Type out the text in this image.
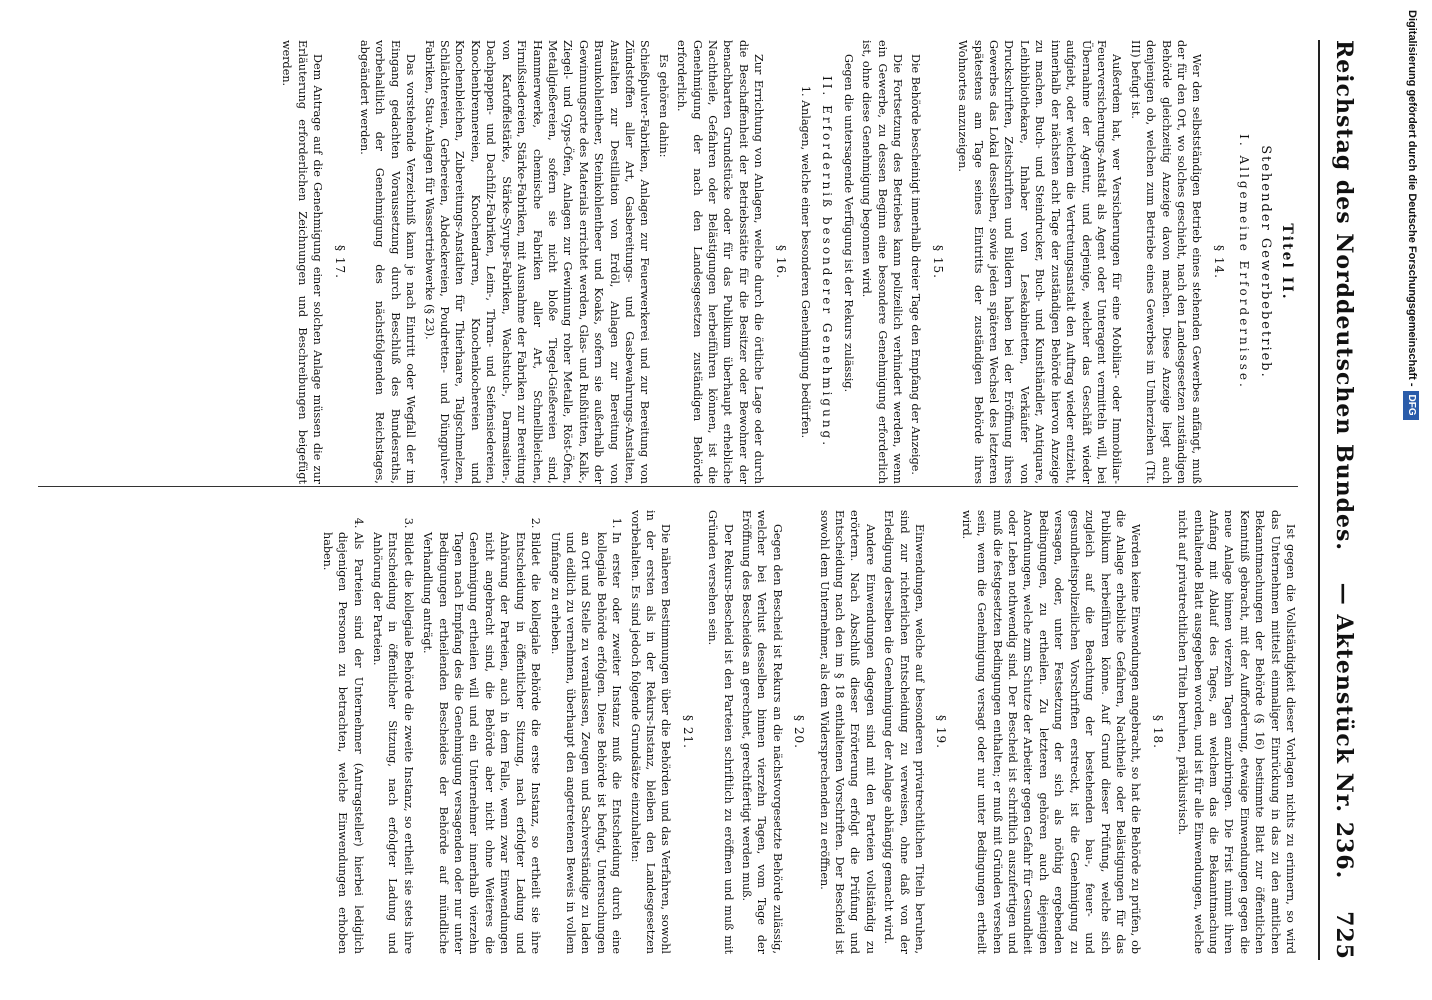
Reichstag des Norddeutschen Bundes.
— Aktenstück Nr. 236.
725
Titel II.
Stehender Gewerbebetrieb.
I. Allgemeine Erfordernisse.
§ 14.

Wer den selbstständigen Betrieb eines stehenden Gewerbes anfängt, muß der für den Ort, wo solches geschieht, nach den Landesgesetzen zuständigen Behörde gleichzeitig Anzeige davon machen. Diese Anzeige liegt auch denjenigen ob, welchen zum Betriebe eines Gewerbes im Umherziehen (Tit. III) befugt ist.

Außerdem hat, wer Versicherungen für eine Mobiliar- oder Immobiliar-Feuerversicherungs-Anstalt als Agent oder Unteragent vermitteln will, bei Übernahme der Agentur, und derjenige, welcher das Geschäft wieder aufgiebt, oder welchem die Vertretungsanstalt den Auftrag wieder entzieht, innerhalb der nächsten acht Tage der zuständigen Behörde hiervon Anzeige zu machen. Buch- und Steindrucker, Buch- und Kunsthändler, Antiquare, Leihbibliothekare, Inhaber von Lesekabinetten, Verkäufer von Druckschriften, Zeitschriften und Bildern haben bei der Eröffnung ihres Gewerbes das Lokal desselben, sowie jeden späteren Wechsel des letzteren spätestens am Tage seines Eintritts der zuständigen Behörde ihres Wohnortes anzuzeigen.

§ 15.

Die Behörde bescheinigt innerhalb dreier Tage den Empfang der Anzeige.

Die Fortsetzung des Betriebes kann polizeilich verhindert werden, wenn ein Gewerbe, zu dessen Beginn eine besondere Genehmigung erforderlich ist, ohne diese Genehmigung begonnen wird.

Gegen die untersagende Verfügung ist der Rekurs zulässig.

II. Erforderniß besonderer Genehmigung.
1. Anlagen, welche einer besonderen Genehmigung bedürfen.
§ 16.

Zur Errichtung von Anlagen, welche durch die örtliche Lage oder durch die Beschaffenheit der Betriebsstätte für die Besitzer oder Bewohner der benachbarten Grundstücke oder für das Publikum überhaupt erhebliche Nachtheile, Gefahren oder Belästigungen herbeiführen können, ist die Genehmigung der nach den Landesgesetzen zuständigen Behörde erforderlich.

Es gehören dahin:

Schießpulver-Fabriken, Anlagen zur Feuerwerkerei und zur Bereitung von Zündstoffen aller Art, Gasbereitungs- und Gasbewahrungs-Anstalten, Anstalten zur Destillation von Erdöl, Anlagen zur Bereitung von Braunkohlentheer, Steinkohlentheer und Koaks, sofern sie außerhalb der Gewinnungsorte des Materials errichtet werden, Glas- und Rußhütten, Kalk-, Ziegel- und Gyps-Öfen, Anlagen zur Gewinnung roher Metalle, Röst-Öfen, Metallgießereien, sofern sie nicht bloße Tiegel-Gießereien sind, Hammerwerke, chemische Fabriken aller Art, Schnellbleichen, Firnißsiedereien, Stärke-Fabriken, mit Ausnahme der Fabriken zur Bereitung von Kartoffelstärke, Stärke-Syrups-Fabriken, Wachstuch-, Darmsaiten-, Dachpappen- und Dachfilz-Fabriken, Leim-, Thran- und Seifensiedereien, Knochenbrennereien, Knochendarren, Knochenkochereien und Knochenbleichen, Zubereitungs-Anstalten für Thierhaare, Talgschmelzen, Schlächtereien, Gerbereien, Abdeckereien, Poudretten- und Düngpulver-Fabriken, Stau-Anlagen für Wassertriebwerke (§ 23).

Das vorstehende Verzeichniß kann je nach Eintritt oder Wegfall der im Eingang gedachten Voraussetzung durch Beschluß des Bundesraths, vorbehaltlich der Genehmigung des nächstfolgenden Reichstages, abgeändert werden.

§ 17.

Dem Antrage auf die Genehmigung einer solchen Anlage müssen die zur Erläuterung erforderlichen Zeichnungen und Beschreibungen beigefügt werden.

Ist gegen die Vollständigkeit dieser Vorlagen nichts zu erinnern, so wird das Unternehmen mittelst einmaliger Einrückung in das zu den amtlichen Bekanntmachungen der Behörde (§ 16) bestimmte Blatt zur öffentlichen Kenntniß gebracht, mit der Aufforderung, etwaige Einwendungen gegen die neue Anlage binnen vierzehn Tagen anzubringen. Die Frist nimmt ihren Anfang mit Ablauf des Tages, an welchem das die Bekanntmachung enthaltende Blatt ausgegeben worden, und ist für alle Einwendungen, welche nicht auf privatrechtlichen Titeln beruhen, präklusivisch.

§ 18.

Werden keine Einwendungen angebracht, so hat die Behörde zu prüfen, ob die Anlage erhebliche Gefahren, Nachtheile oder Belästigungen für das Publikum herbeiführen könne. Auf Grund dieser Prüfung, welche sich zugleich auf die Beachtung der bestehenden bau-, feuer- und gesundheitspolizeilichen Vorschriften erstreckt, ist die Genehmigung zu versagen, oder, unter Festsetzung der sich als nöthig ergebenden Bedingungen, zu ertheilen. Zu letzteren gehören auch diejenigen Anordnungen, welche zum Schutze der Arbeiter gegen Gefahr für Gesundheit oder Leben nothwendig sind. Der Bescheid ist schriftlich auszufertigen und muß die festgesetzten Bedingungen enthalten; er muß mit Gründen versehen sein, wenn die Genehmigung versagt oder nur unter Bedingungen ertheilt wird.

§ 19.

Einwendungen, welche auf besonderen privatrechtlichen Titeln beruhen, sind zur richterlichen Entscheidung zu verweisen, ohne daß von der Erledigung derselben die Genehmigung der Anlage abhängig gemacht wird.

Andere Einwendungen dagegen sind mit den Parteien vollständig zu erörtern. Nach Abschluß dieser Erörterung erfolgt die Prüfung und Entscheidung nach den im § 18 enthaltenen Vorschriften. Der Bescheid ist sowohl dem Unternehmer, als dem Widersprechenden zu eröffnen.

§ 20.

Gegen den Bescheid ist Rekurs an die nächstvorgesetzte Behörde zulässig, welcher bei Verlust desselben binnen vierzehn Tagen, vom Tage der Eröffnung des Bescheides an gerechnet, gerechtfertigt werden muß.

Der Rekurs-Bescheid ist den Parteien schriftlich zu eröffnen und muß mit Gründen versehen sein.

§ 21.

Die näheren Bestimmungen über die Behörden und das Verfahren, sowohl in der ersten als in der Rekurs-Instanz, bleiben den Landesgesetzen vorbehalten. Es sind jedoch folgende Grundsätze einzuhalten:

1. In erster oder zweiter Instanz muß die Entscheidung durch eine kollegiale Behörde erfolgen. Diese Behörde ist befugt, Untersuchungen an Ort und Stelle zu veranlassen, Zeugen und Sachverständige zu laden und eidlich zu vernehmen, überhaupt den angetretenen Beweis in vollem Umfange zu erheben.
2. Bildet die kollegiale Behörde die erste Instanz, so ertheilt sie ihre Entscheidung in öffentlicher Sitzung, nach erfolgter Ladung und Anhörung der Parteien, auch in dem Falle, wenn zwar Einwendungen nicht angebracht sind, die Behörde aber nicht ohne Weiteres die Genehmigung ertheilen will und ein Unternehmer innerhalb vierzehn Tagen nach Empfang des die Genehmigung versagenden oder nur unter Bedingungen ertheilenden Bescheides der Behörde auf mündliche Verhandlung anträgt.
3. Bildet die kollegiale Behörde die zweite Instanz, so ertheilt sie stets ihre Entscheidung in öffentlicher Sitzung, nach erfolgter Ladung und Anhörung der Parteien.
4. Als Parteien sind der Unternehmer (Antragsteller) hierbei lediglich diejenigen Personen zu betrachten, welche Einwendungen erhoben haben.
Digitalisierung gefördert durch die Deutsche Forschungsgemeinschaft -DFG
